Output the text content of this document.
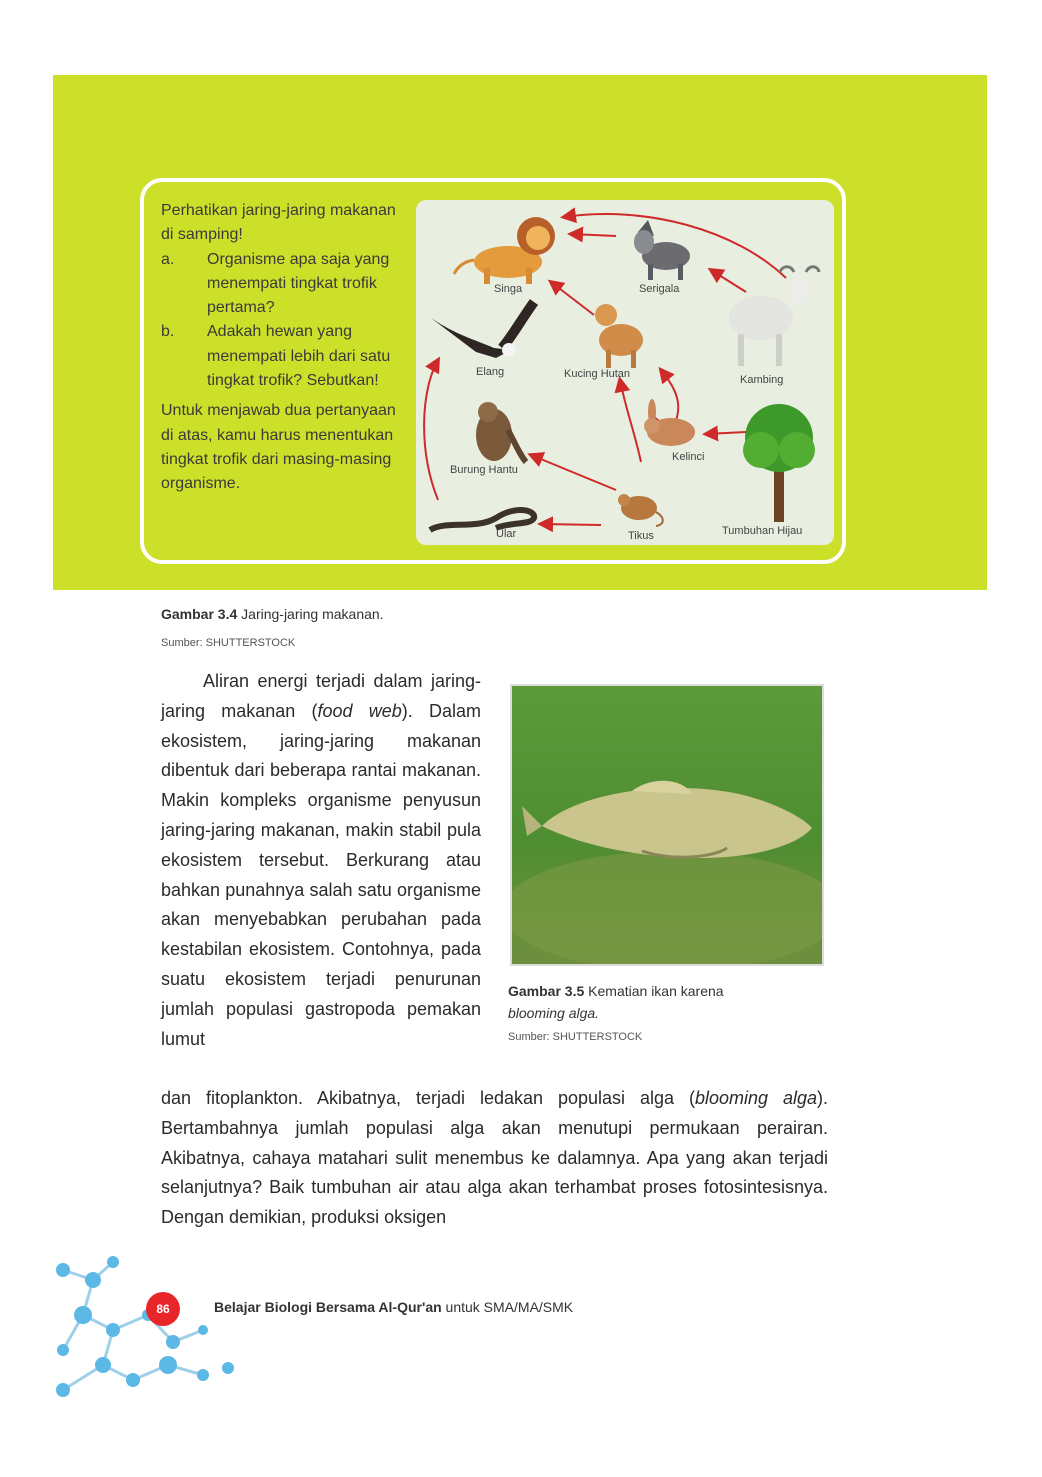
Perhatikan jaring-jaring makanan di samping!

a. Organisme apa saja yang menempati tingkat trofik pertama?
b. Adakah hewan yang menempati lebih dari satu tingkat trofik? Sebutkan!

Untuk menjawab dua pertanyaan di atas, kamu harus menentukan tingkat trofik dari masing-masing organisme.

Singa	Serigala
Kambing
Elang	Kucing Hutan
Burung Hantu
Kelinci
Tumbuhan Hijau
Ular	Tikus
Gambar 3.4 Jaring-jaring makanan.
Sumber: SHUTTERSTOCK

Aliran energi terjadi dalam jaring-jaring makanan (food web). Dalam ekosistem, jaring-jaring makanan dibentuk dari beberapa rantai makanan. Makin kompleks organisme penyusun jaring-jaring makanan, makin stabil pula ekosistem tersebut. Berkurang atau bahkan punahnya salah satu organisme akan menyebabkan perubahan pada kestabilan ekosistem. Contohnya, pada suatu ekosistem terjadi penurunan jumlah populasi gastropoda pemakan lumut

Gambar 3.5 Kematian ikan karena
blooming alga.
Sumber: SHUTTERSTOCK

dan fitoplankton. Akibatnya, terjadi ledakan populasi alga (blooming alga). Bertambahnya jumlah populasi alga akan menutupi permukaan perairan. Akibatnya, cahaya matahari sulit menembus ke dalamnya. Apa yang akan terjadi selanjutnya? Baik tumbuhan air atau alga akan terhambat proses fotosintesisnya. Dengan demikian, produksi oksigen

86	Belajar Biologi Bersama Al-Qur'an untuk SMA/MA/SMK
